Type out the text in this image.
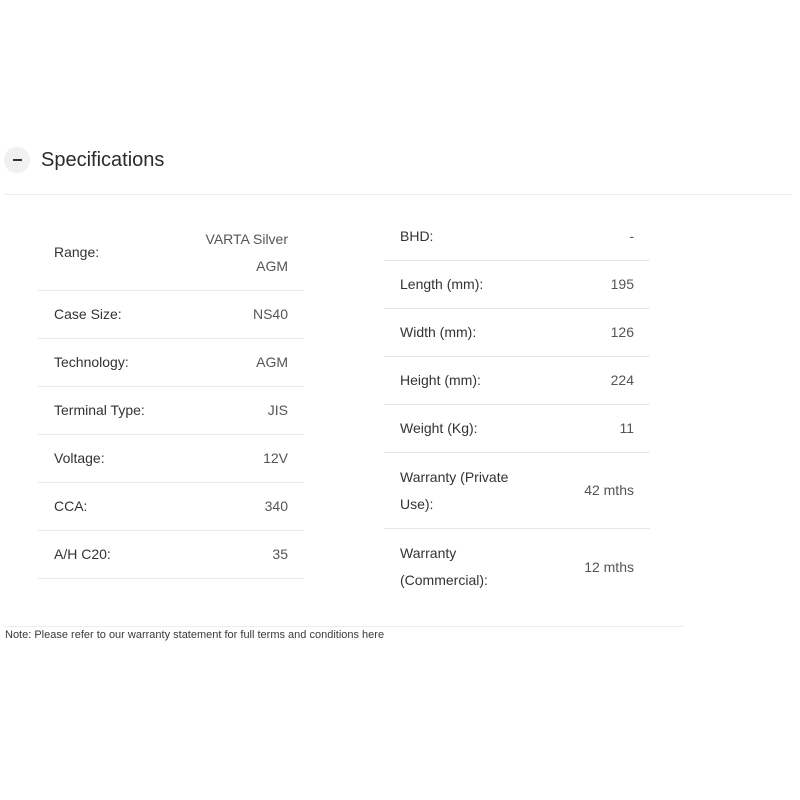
Specifications
Range:
VARTA Silver AGM
Case Size:	NS40
Technology:	AGM
Terminal Type:	JIS
Voltage:	12V
CCA:	340
A/H C20:	35
BHD:	-
Length (mm):	195
Width (mm):	126
Height (mm):	224
Weight (Kg):	11
Warranty (Private Use):
42 mths
Warranty (Commercial):
12 mths
Note: Please refer to our warranty statement for full terms and conditions here
